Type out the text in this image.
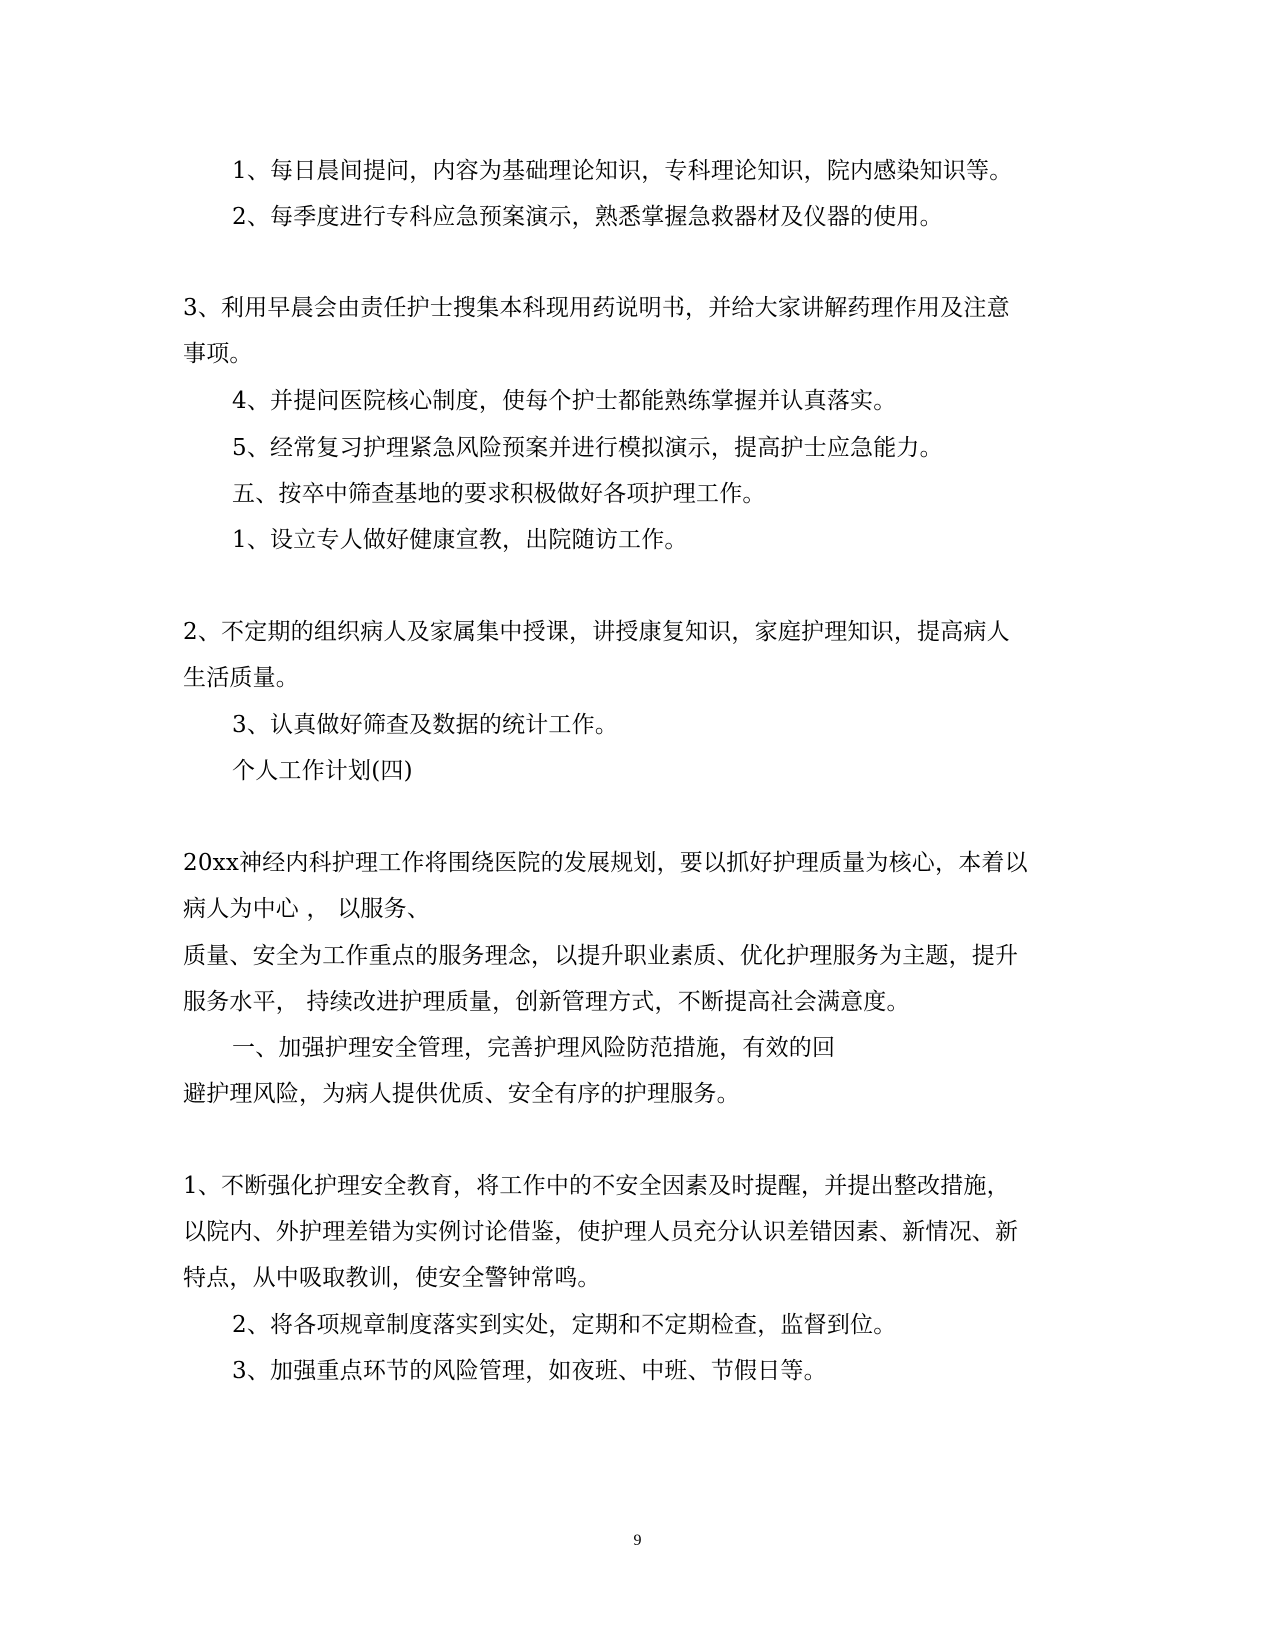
1、每日晨间提问，内容为基础理论知识，专科理论知识，院内感染知识等。
2、每季度进行专科应急预案演示，熟悉掌握急救器材及仪器的使用。
3、利用早晨会由责任护士搜集本科现用药说明书，并给大家讲解药理作用及注意
事项。
4、并提问医院核心制度，使每个护士都能熟练掌握并认真落实。
5、经常复习护理紧急风险预案并进行模拟演示，提高护士应急能力。
五、按卒中筛查基地的要求积极做好各项护理工作。
1、设立专人做好健康宣教，出院随访工作。
2、不定期的组织病人及家属集中授课，讲授康复知识，家庭护理知识，提高病人
生活质量。
3、认真做好筛查及数据的统计工作。
个人工作计划(四)
20xx神经内科护理工作将围绕医院的发展规划，要以抓好护理质量为核心，本着以
病人为中心 ， 以服务、
质量、安全为工作重点的服务理念，以提升职业素质、优化护理服务为主题，提升
服务水平， 持续改进护理质量，创新管理方式，不断提高社会满意度。
一、加强护理安全管理，完善护理风险防范措施，有效的回
避护理风险，为病人提供优质、安全有序的护理服务。
1、不断强化护理安全教育，将工作中的不安全因素及时提醒，并提出整改措施，
以院内、外护理差错为实例讨论借鉴，使护理人员充分认识差错因素、新情况、新
特点，从中吸取教训，使安全警钟常鸣。
2、将各项规章制度落实到实处，定期和不定期检查，监督到位。
3、加强重点环节的风险管理，如夜班、中班、节假日等。
9
